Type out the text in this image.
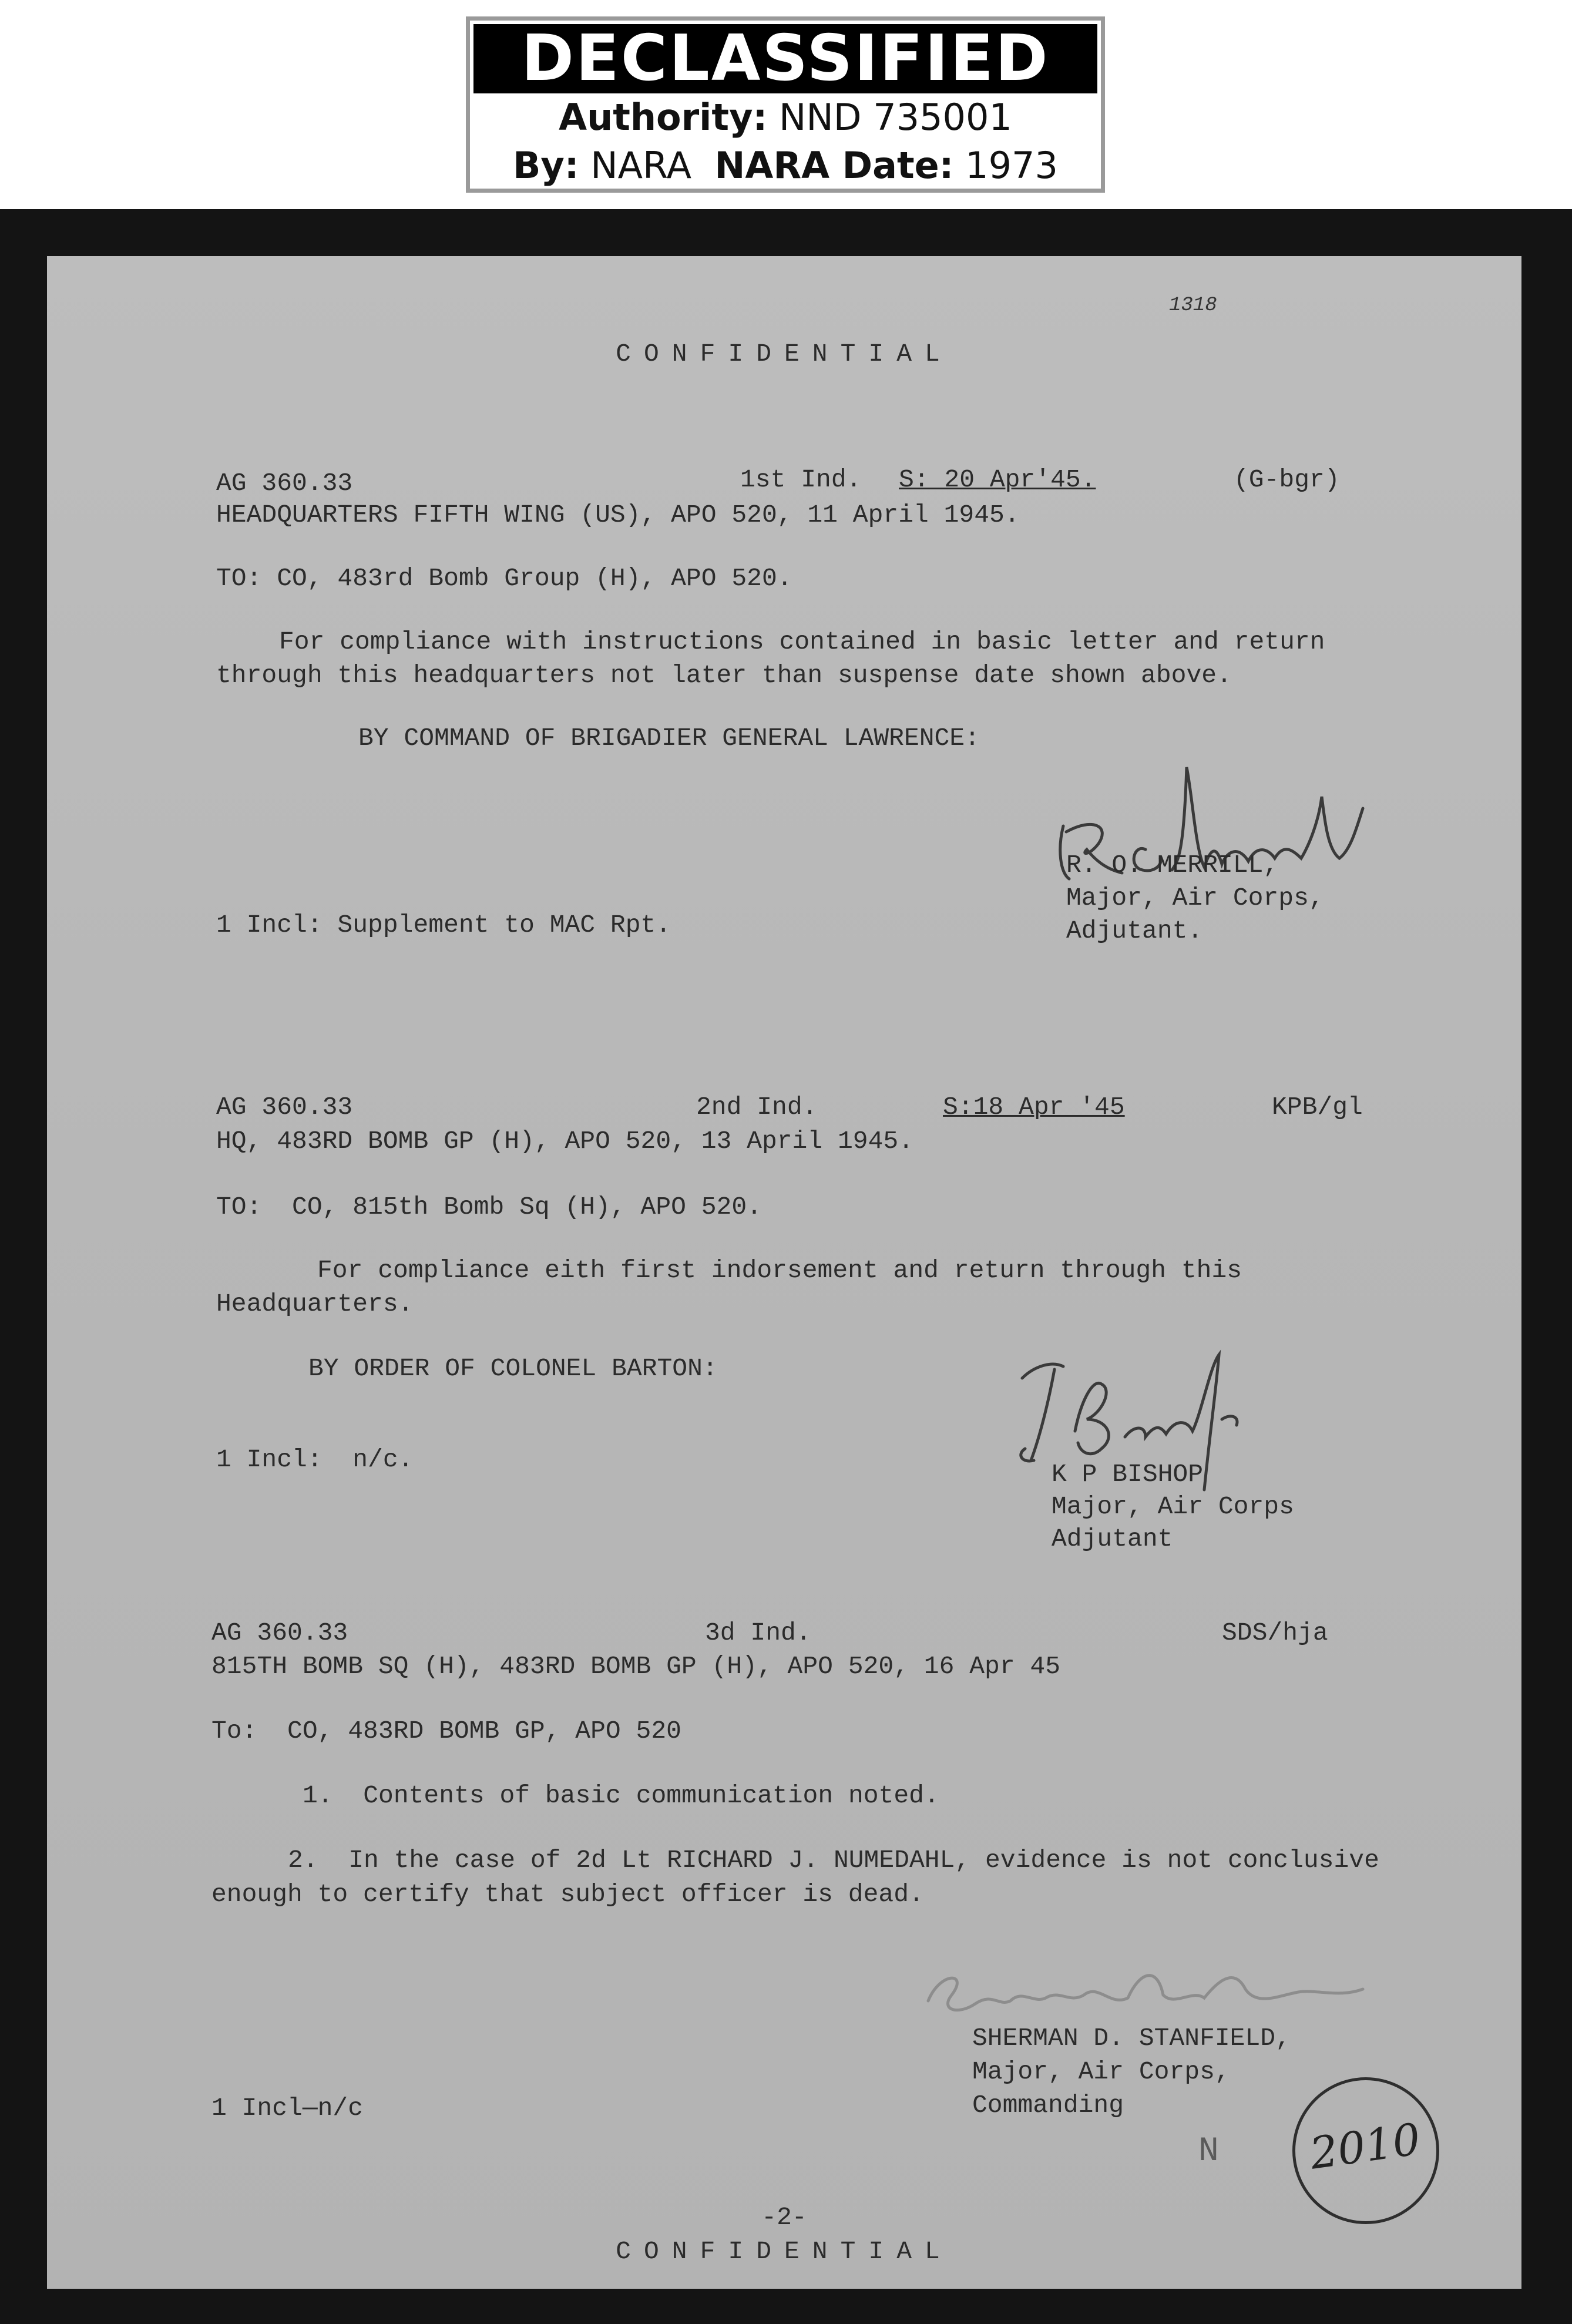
DECLASSIFIED
Authority: NND 735001
By: NARA NARA Date: 1973
1318
CONFIDENTIAL
AG 360.33	1st Ind. S: 20 Apr'45.	(G-bgr)
HEADQUARTERS FIFTH WING (US), APO 520, 11 April 1945.
TO: CO, 483rd Bomb Group (H), APO 520.
For compliance with instructions contained in basic letter and return
through this headquarters not later than suspense date shown above.
BY COMMAND OF BRIGADIER GENERAL LAWRENCE:
R. O. MERRILL,
Major, Air Corps,
Adjutant.
1 Incl: Supplement to MAC Rpt.
AG 360.33	2nd Ind.	S:18 Apr '45	KPB/gl
HQ, 483RD BOMB GP (H), APO 520, 13 April 1945.
TO:  CO, 815th Bomb Sq (H), APO 520.
For compliance eith first indorsement and return through this
Headquarters.
BY ORDER OF COLONEL BARTON:
1 Incl:  n/c.
K P BISHOP
Major, Air Corps
Adjutant
AG 360.33	3d Ind.	SDS/hja
815TH BOMB SQ (H), 483RD BOMB GP (H), APO 520, 16 Apr 45
To:  CO, 483RD BOMB GP, APO 520
1.  Contents of basic communication noted.
2.  In the case of 2d Lt RICHARD J. NUMEDAHL, evidence is not conclusive
enough to certify that subject officer is dead.
SHERMAN D. STANFIELD,
Major, Air Corps,
Commanding
1 Incl—n/c
N	2010
-2-
CONFIDENTIAL
